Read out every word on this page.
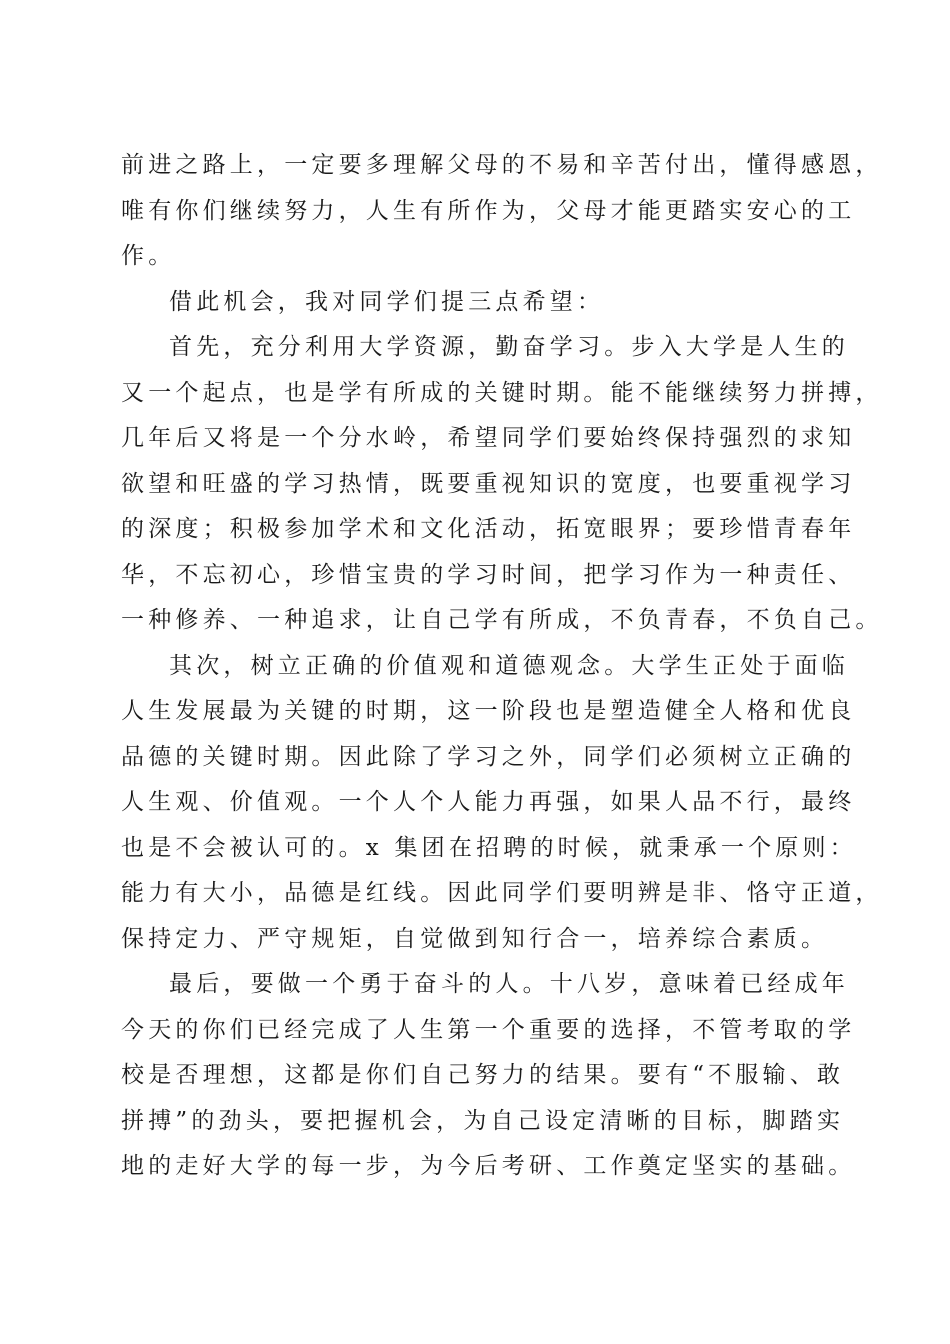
前进之路上，一定要多理解父母的不易和辛苦付出，懂得感恩，
唯有你们继续努力，人生有所作为，父母才能更踏实安心的工
作。
借此机会，我对同学们提三点希望：
首先，充分利用大学资源，勤奋学习。步入大学是人生的
又一个起点，也是学有所成的关键时期。能不能继续努力拼搏，
几年后又将是一个分水岭，希望同学们要始终保持强烈的求知
欲望和旺盛的学习热情，既要重视知识的宽度，也要重视学习
的深度；积极参加学术和文化活动，拓宽眼界；要珍惜青春年
华，不忘初心，珍惜宝贵的学习时间，把学习作为一种责任、
一种修养、一种追求，让自己学有所成，不负青春，不负自己。
其次，树立正确的价值观和道德观念。大学生正处于面临
人生发展最为关键的时期，这一阶段也是塑造健全人格和优良
品德的关键时期。因此除了学习之外，同学们必须树立正确的
人生观、价值观。一个人个人能力再强，如果人品不行，最终
也是不会被认可的。x 集团在招聘的时候，就秉承一个原则：
能力有大小，品德是红线。因此同学们要明辨是非、恪守正道，
保持定力、严守规矩，自觉做到知行合一，培养综合素质。
最后，要做一个勇于奋斗的人。十八岁，意味着已经成年
今天的你们已经完成了人生第一个重要的选择，不管考取的学
校是否理想，这都是你们自己努力的结果。要有“不服输、敢
拼搏”的劲头，要把握机会，为自己设定清晰的目标，脚踏实
地的走好大学的每一步，为今后考研、工作奠定坚实的基础。
